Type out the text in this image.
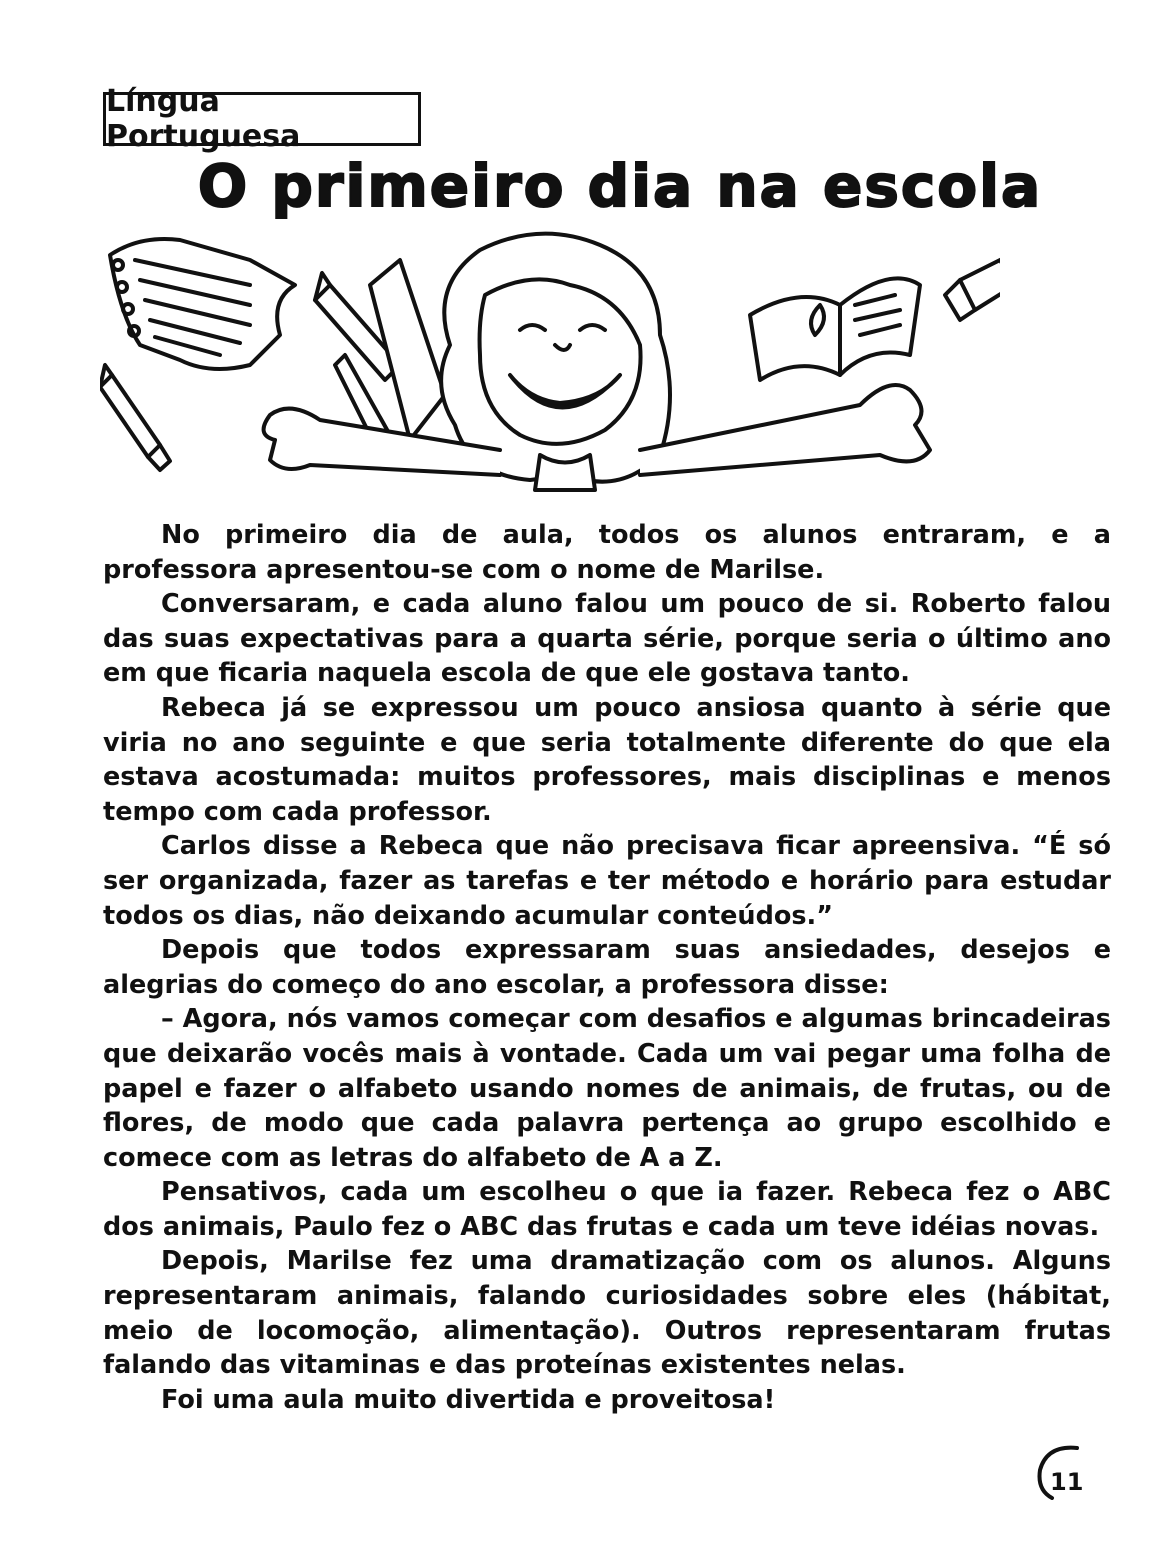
Língua Portuguesa
O primeiro dia na escola

No primeiro dia de aula, todos os alunos entraram, e a professora apresentou-se com o nome de Marilse.

Conversaram, e cada aluno falou um pouco de si. Roberto falou das suas expectativas para a quarta série, porque seria o último ano em que ficaria naquela escola de que ele gostava tanto.

Rebeca já se expressou um pouco ansiosa quanto à série que viria no ano seguinte e que seria totalmente diferente do que ela estava acostumada: muitos professores, mais disciplinas e menos tempo com cada professor.

Carlos disse a Rebeca que não precisava ficar apreensiva. “É só ser organizada, fazer as tarefas e ter método e horário para estudar todos os dias, não deixando acumular conteúdos.”

Depois que todos expressaram suas ansiedades, desejos e alegrias do começo do ano escolar, a professora disse:

– Agora, nós vamos começar com desafios e algumas brincadeiras que deixarão vocês mais à vontade. Cada um vai pegar uma folha de papel e fazer o alfabeto usando nomes de animais, de frutas, ou de flores, de modo que cada palavra pertença ao grupo escolhido e comece com as letras do alfabeto de A a Z.

Pensativos, cada um escolheu o que ia fazer. Rebeca fez o ABC dos animais, Paulo fez o ABC das frutas e cada um teve idéias novas.

Depois, Marilse fez uma dramatização com os alunos. Alguns representaram animais, falando curiosidades sobre eles (hábitat, meio de locomoção, alimentação). Outros representaram frutas falando das vitaminas e das proteínas existentes nelas.

Foi uma aula muito divertida e proveitosa!

11
